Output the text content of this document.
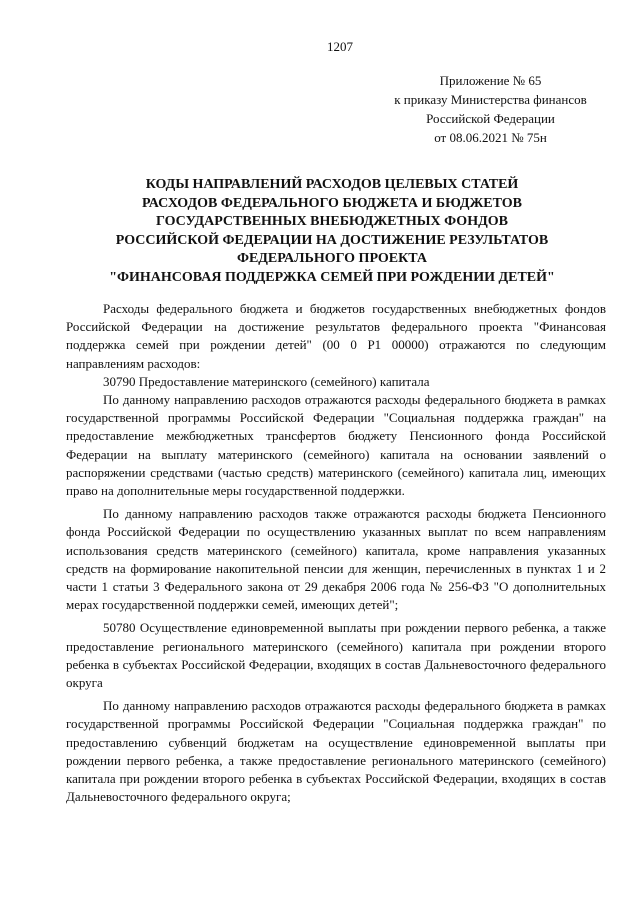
1207
Приложение № 65
к приказу Министерства финансов
Российской Федерации
от 08.06.2021 № 75н
КОДЫ НАПРАВЛЕНИЙ РАСХОДОВ ЦЕЛЕВЫХ СТАТЕЙ
РАСХОДОВ ФЕДЕРАЛЬНОГО БЮДЖЕТА И БЮДЖЕТОВ
ГОСУДАРСТВЕННЫХ ВНЕБЮДЖЕТНЫХ ФОНДОВ
РОССИЙСКОЙ ФЕДЕРАЦИИ НА ДОСТИЖЕНИЕ РЕЗУЛЬТАТОВ
ФЕДЕРАЛЬНОГО ПРОЕКТА
"ФИНАНСОВАЯ ПОДДЕРЖКА СЕМЕЙ ПРИ РОЖДЕНИИ ДЕТЕЙ"

Расходы федерального бюджета и бюджетов государственных внебюджетных фондов Российской Федерации на достижение результатов федерального проекта "Финансовая поддержка семей при рождении детей" (00 0 P1 00000) отражаются по следующим направлениям расходов:

30790 Предоставление материнского (семейного) капитала

По данному направлению расходов отражаются расходы федерального бюджета в рамках государственной программы Российской Федерации "Социальная поддержка граждан" на предоставление межбюджетных трансфертов бюджету Пенсионного фонда Российской Федерации на выплату материнского (семейного) капитала на основании заявлений о распоряжении средствами (частью средств) материнского (семейного) капитала лиц, имеющих право на дополнительные меры государственной поддержки.

По данному направлению расходов также отражаются расходы бюджета Пенсионного фонда Российской Федерации по осуществлению указанных выплат по всем направлениям использования средств материнского (семейного) капитала, кроме направления указанных средств на формирование накопительной пенсии для женщин, перечисленных в пунктах 1 и 2 части 1 статьи 3 Федерального закона от 29 декабря 2006 года № 256-ФЗ "О дополнительных мерах государственной поддержки семей, имеющих детей";

50780 Осуществление единовременной выплаты при рождении первого ребенка, а также предоставление регионального материнского (семейного) капитала при рождении второго ребенка в субъектах Российской Федерации, входящих в состав Дальневосточного федерального округа

По данному направлению расходов отражаются расходы федерального бюджета в рамках государственной программы Российской Федерации "Социальная поддержка граждан" по предоставлению субвенций бюджетам на осуществление единовременной выплаты при рождении первого ребенка, а также предоставление регионального материнского (семейного) капитала при рождении второго ребенка в субъектах Российской Федерации, входящих в состав Дальневосточного федерального округа;
